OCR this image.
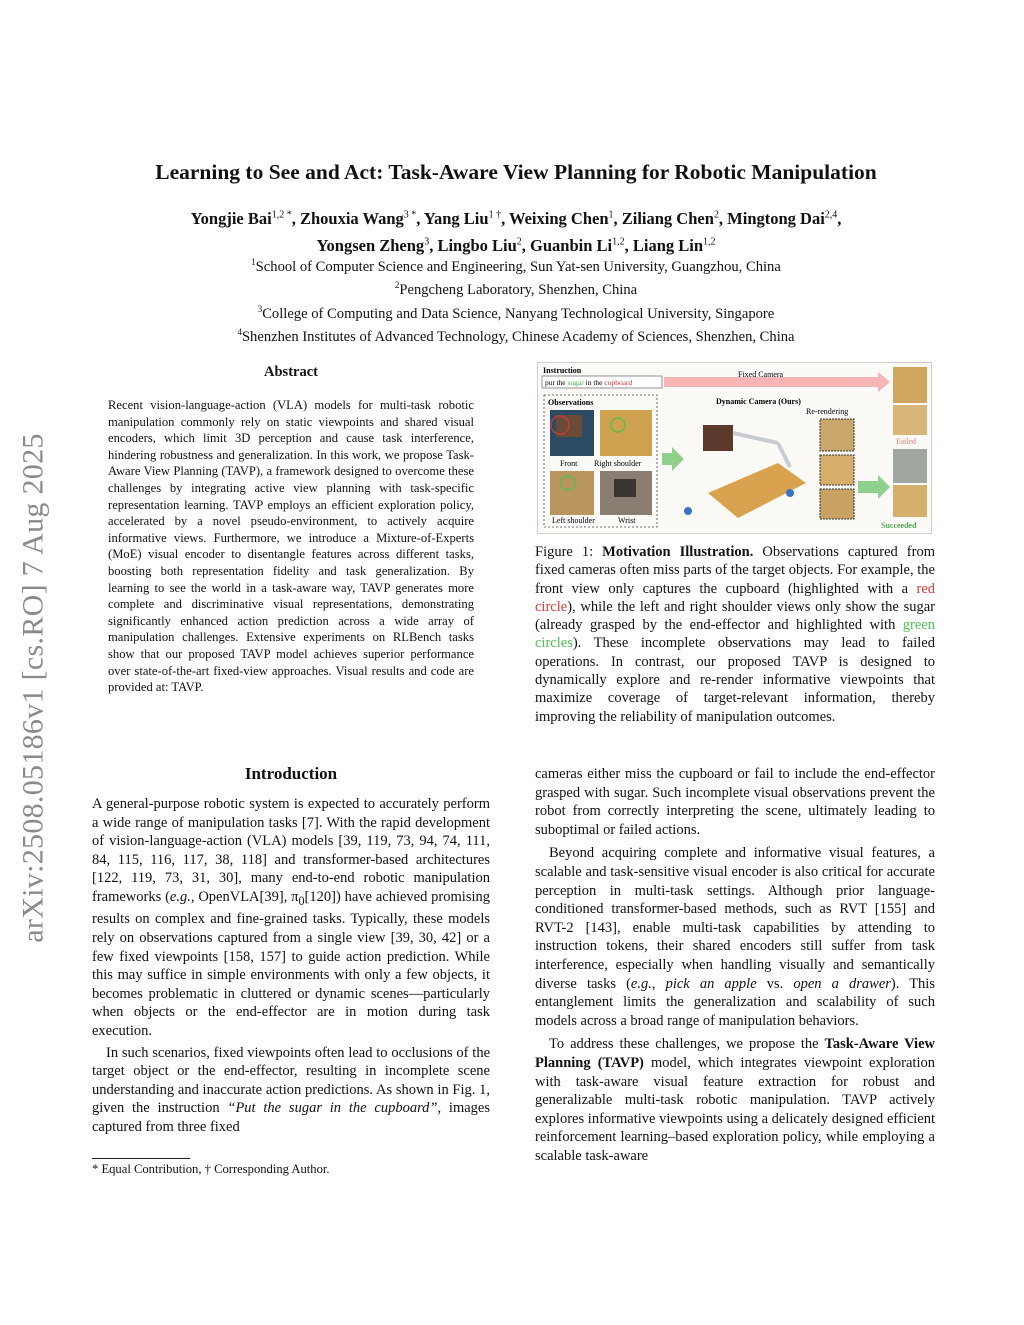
arXiv:2508.05186v1 [cs.RO] 7 Aug 2025
Learning to See and Act: Task-Aware View Planning for Robotic Manipulation

Yongjie Bai$^{1,2 *}$, Zhouxia Wang$^{3 *}$, Yang Liu$^{1 \dagger}$, Weixing Chen$^1$, Ziliang Chen$^2$, Mingtong Dai$^{2,4}$,
Yongsen Zheng$^3$, Lingbo Liu$^2$, Guanbin Li$^{1,2}$, Liang Lin$^{1,2}$

$^1$School of Computer Science and Engineering, Sun Yat-sen University, Guangzhou, China
$^2$Pengcheng Laboratory, Shenzhen, China
$^3$College of Computing and Data Science, Nanyang Technological University, Singapore
$^4$Shenzhen Institutes of Advanced Technology, Chinese Academy of Sciences, Shenzhen, China
Abstract

Recent vision-language-action (VLA) models for multi-task robotic manipulation commonly rely on static viewpoints and shared visual encoders, which limit 3D perception and cause task interference, hindering robustness and generalization. In this work, we propose Task-Aware View Planning (TAVP), a framework designed to overcome these challenges by integrating active view planning with task-specific representation learning. TAVP employs an efficient exploration policy, accelerated by a novel pseudo-environment, to actively acquire informative views. Furthermore, we introduce a Mixture-of-Experts (MoE) visual encoder to disentangle features across different tasks, boosting both representation fidelity and task generalization. By learning to see the world in a task-aware way, TAVP generates more complete and discriminative visual representations, demonstrating significantly enhanced action prediction across a wide array of manipulation challenges. Extensive experiments on RLBench tasks show that our proposed TAVP model achieves superior performance over state-of-the-art fixed-view approaches. Visual results and code are provided at: TAVP.

Introduction

A general-purpose robotic system is expected to accurately perform a wide range of manipulation tasks [7]. With the rapid development of vision-language-action (VLA) models [39, 119, 73, 94, 74, 111, 84, 115, 116, 117, 38, 118] and transformer-based architectures [122, 119, 73, 31, 30], many end-to-end robotic manipulation frameworks (e.g., OpenVLA[39], $\pi_0[120]$) have achieved promising results on complex and fine-grained tasks. Typically, these models rely on observations captured from a single view [39, 30, 42] or a few fixed viewpoints [158, 157] to guide action prediction. While this may suffice in simple environments with only a few objects, it becomes problematic in cluttered or dynamic scenes—particularly when objects or the end-effector are in motion during task execution.

In such scenarios, fixed viewpoints often lead to occlusions of the target object or the end-effector, resulting in incomplete scene understanding and inaccurate action predictions. As shown in Fig. 1, given the instruction “Put the sugar in the cupboard”, images captured from three fixed

* Equal Contribution, † Corresponding Author.

Instruction
put the sugar in the cupboard
Fixed Camera
Observations
Front Right shoulder
Left shoulder	Wrist
Dynamic Camera (Ours)
Re-rendering
Failed
Succeeded

Figure 1: Motivation Illustration. Observations captured from fixed cameras often miss parts of the target objects. For example, the front view only captures the cupboard (highlighted with a red circle), while the left and right shoulder views only show the sugar (already grasped by the end-effector and highlighted with green circles). These incomplete observations may lead to failed operations. In contrast, our proposed TAVP is designed to dynamically explore and re-render informative viewpoints that maximize coverage of target-relevant information, thereby improving the reliability of manipulation outcomes.

cameras either miss the cupboard or fail to include the end-effector grasped with sugar. Such incomplete visual observations prevent the robot from correctly interpreting the scene, ultimately leading to suboptimal or failed actions.

Beyond acquiring complete and informative visual features, a scalable and task-sensitive visual encoder is also critical for accurate perception in multi-task settings. Although prior language-conditioned transformer-based methods, such as RVT [155] and RVT-2 [143], enable multi-task capabilities by attending to instruction tokens, their shared encoders still suffer from task interference, especially when handling visually and semantically diverse tasks (e.g., pick an apple vs. open a drawer). This entanglement limits the generalization and scalability of such models across a broad range of manipulation behaviors.

To address these challenges, we propose the Task-Aware View Planning (TAVP) model, which integrates viewpoint exploration with task-aware visual feature extraction for robust and generalizable multi-task robotic manipulation. TAVP actively explores informative viewpoints using a delicately designed efficient reinforcement learning–based exploration policy, while employing a scalable task-aware
